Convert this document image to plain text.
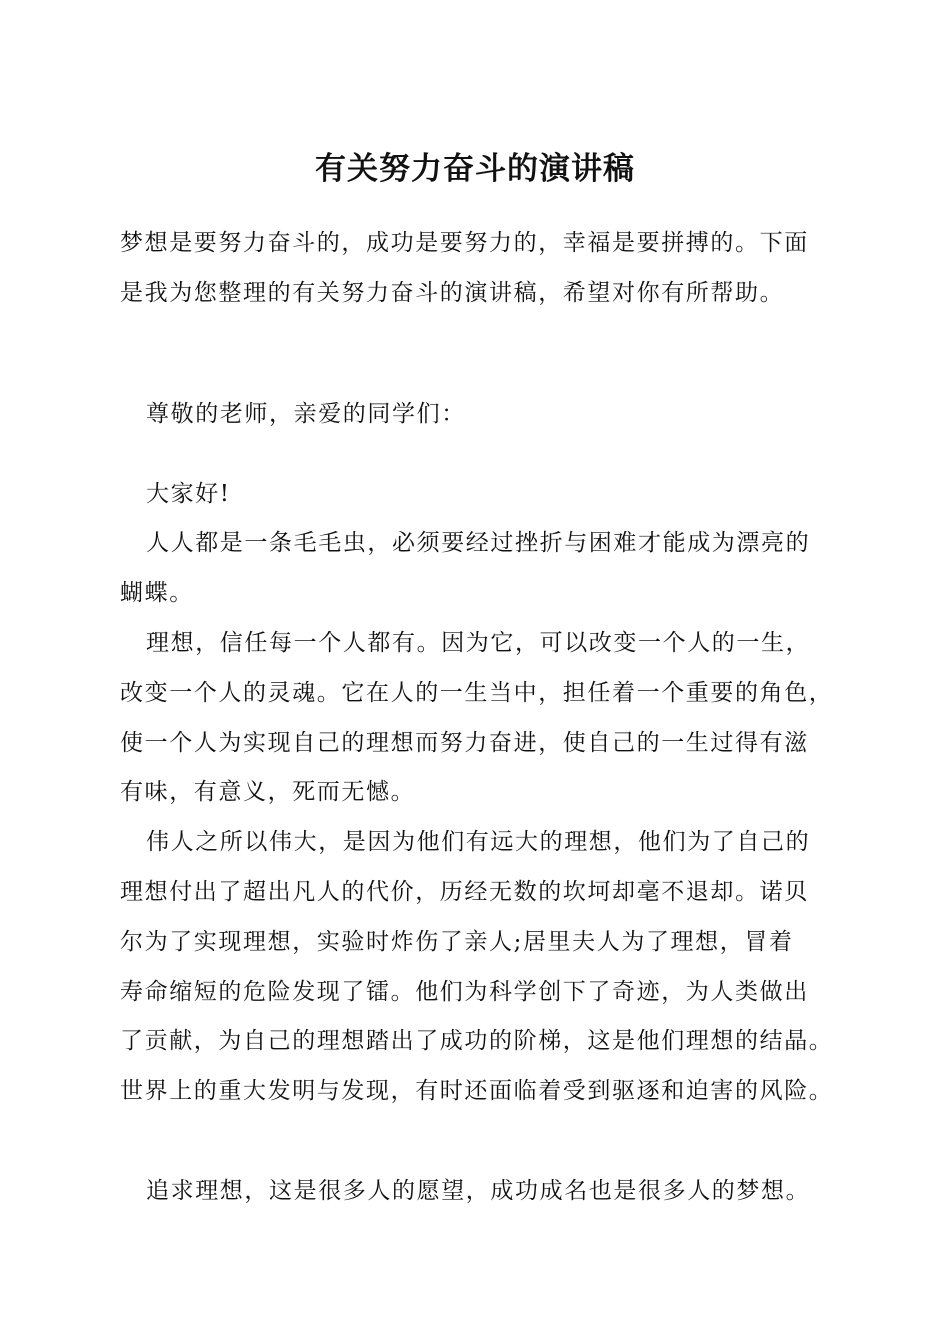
有关努力奋斗的演讲稿
梦想是要努力奋斗的，成功是要努力的，幸福是要拼搏的。下面
是我为您整理的有关努力奋斗的演讲稿，希望对你有所帮助。
尊敬的老师，亲爱的同学们：
大家好!
人人都是一条毛毛虫，必须要经过挫折与困难才能成为漂亮的
蝴蝶。
理想，信任每一个人都有。因为它，可以改变一个人的一生，
改变一个人的灵魂。它在人的一生当中，担任着一个重要的角色，
使一个人为实现自己的理想而努力奋进，使自己的一生过得有滋
有味，有意义，死而无憾。
伟人之所以伟大，是因为他们有远大的理想，他们为了自己的
理想付出了超出凡人的代价，历经无数的坎坷却毫不退却。诺贝
尔为了实现理想，实验时炸伤了亲人;居里夫人为了理想，冒着
寿命缩短的危险发现了镭。他们为科学创下了奇迹，为人类做出
了贡献，为自己的理想踏出了成功的阶梯，这是他们理想的结晶。
世界上的重大发明与发现，有时还面临着受到驱逐和迫害的风险。
追求理想，这是很多人的愿望，成功成名也是很多人的梦想。
